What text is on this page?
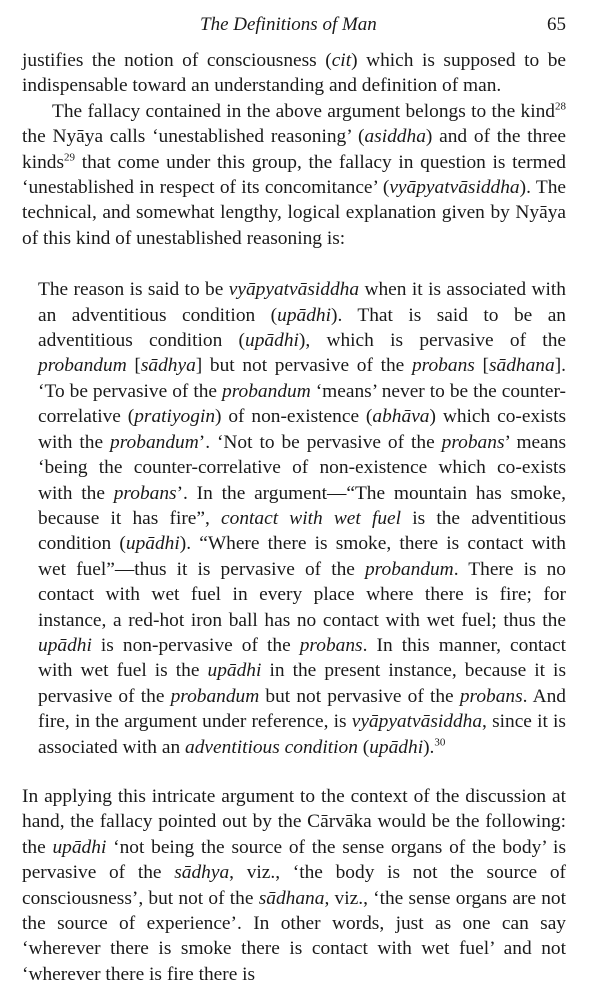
The Definitions of Man	65

justifies the notion of consciousness (cit) which is supposed to be indispensable toward an understanding and definition of man.

The fallacy contained in the above argument belongs to the kind$^{28}$ the Nyāya calls ‘unestablished reasoning’ (asiddha) and of the three kinds$^{29}$ that come under this group, the fallacy in question is termed ‘unestablished in respect of its concomitance’ (vyāpyatvāsiddha). The technical, and somewhat lengthy, logical explanation given by Nyāya of this kind of unestablished reasoning is:

The reason is said to be vyāpyatvāsiddha when it is associated with an adventitious condition (upādhi). That is said to be an adventitious condition (upādhi), which is pervasive of the probandum [sādhya] but not pervasive of the probans [sādhana]. ‘To be pervasive of the probandum ‘means’ never to be the counter-correlative (pratiyogin) of non-existence (abhāva) which co-exists with the probandum’. ‘Not to be pervasive of the probans’ means ‘being the counter-correlative of non-existence which co-exists with the probans’. In the argument—“The mountain has smoke, because it has fire”, contact with wet fuel is the adventitious condition (upādhi). “Where there is smoke, there is contact with wet fuel”—thus it is pervasive of the probandum. There is no contact with wet fuel in every place where there is fire; for instance, a red-hot iron ball has no contact with wet fuel; thus the upādhi is non-pervasive of the probans. In this manner, contact with wet fuel is the upādhi in the present instance, because it is pervasive of the probandum but not pervasive of the probans. And fire, in the argument under reference, is vyāpyatvāsiddha, since it is associated with an adventitious condition (upādhi).$^{30}$

In applying this intricate argument to the context of the discussion at hand, the fallacy pointed out by the Cārvāka would be the following: the upādhi ‘not being the source of the sense organs of the body’ is pervasive of the sādhya, viz., ‘the body is not the source of consciousness’, but not of the sādhana, viz., ‘the sense organs are not the source of experience’. In other words, just as one can say ‘wherever there is smoke there is contact with wet fuel’ and not ‘wherever there is fire there is
